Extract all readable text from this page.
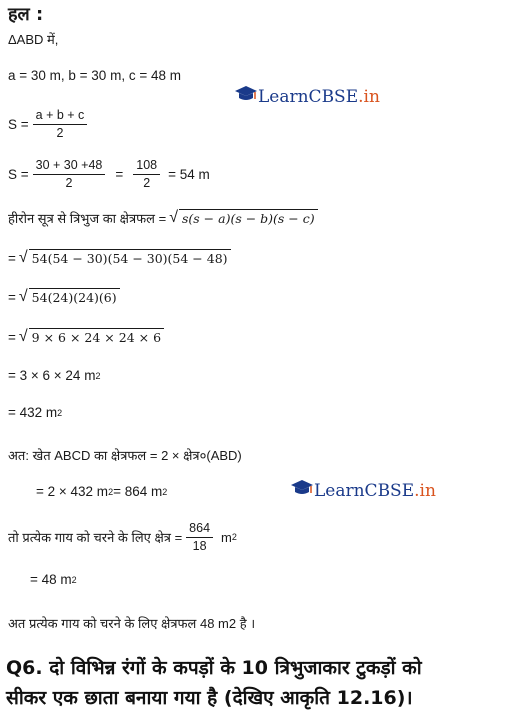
हल :
ΔABD में,
a = 30 m, b = 30 m, c = 48 m
LearnCBSE .in
$S = \frac{a + b + c}{2}$
$S = \frac{30 + 30 +48}{2} = \frac{108}{2} = 54$ m
हीरोन सूत्र से त्रिभुज का क्षेत्रफल = √ s(s − a)(s − b)(s − c)
= √ 54(54 − 30)(54 − 30)(54 − 48)
= √ 54(24)(24)(6)
= √ 9 × 6 × 24 × 24 × 6
= 3 × 6 × 24 m 2
= 432 m 2
अत: खेत ABCD का क्षेत्रफल = 2 × क्षेत्र०(ABD)
= 2 × 432 m 2 = 864 m 2	LearnCBSE .in
तो प्रत्येक गाय को चरने के लिए क्षेत्र = $\frac{864}{18}$ m 2
= 48 m 2
अत प्रत्येक गाय को चरने के लिए क्षेत्रफल 48 m2 है ।
Q6. दो विभिन्न रंगों के कपड़ों के 10 त्रिभुजाकार टुकड़ों को
सीकर एक छाता बनाया गया है (देखिए आकृति 12.16)।
